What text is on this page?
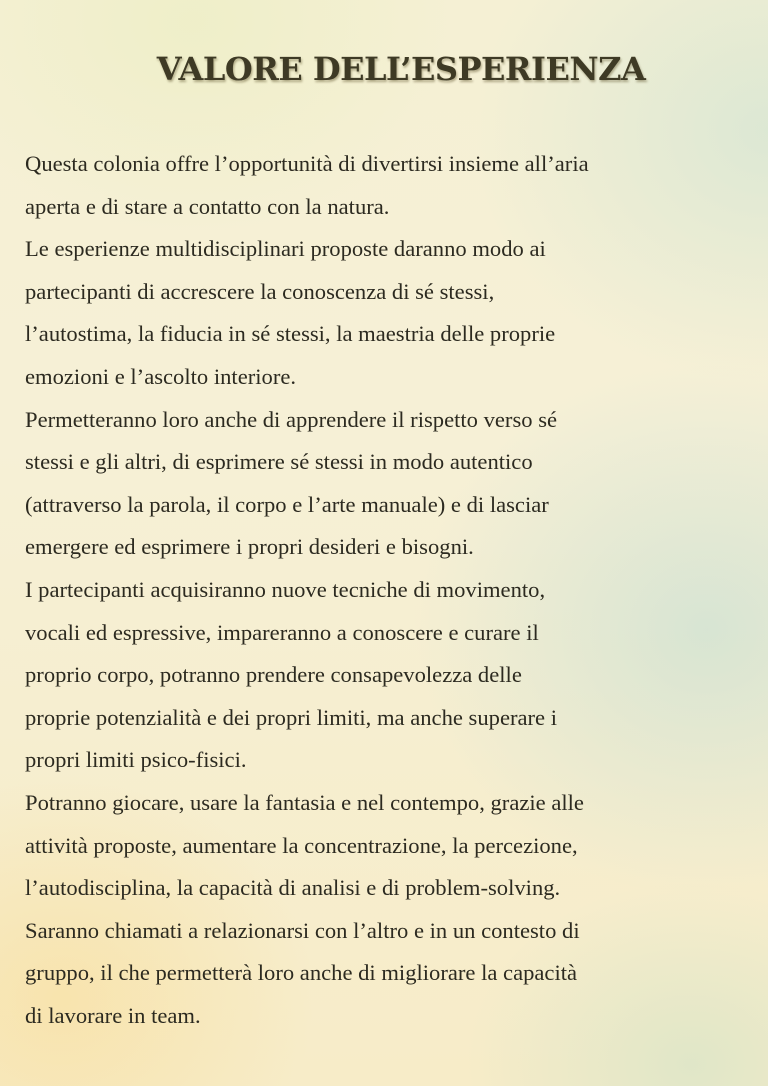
VALORE DELL’ESPERIENZA
Questa colonia offre l’opportunità di divertirsi insieme all’aria
aperta e di stare a contatto con la natura.
Le esperienze multidisciplinari proposte daranno modo ai
partecipanti di accrescere la conoscenza di sé stessi,
l’autostima, la fiducia in sé stessi, la maestria delle proprie
emozioni e l’ascolto interiore.
Permetteranno loro anche di apprendere il rispetto verso sé
stessi e gli altri, di esprimere sé stessi in modo autentico
(attraverso la parola, il corpo e l’arte manuale) e di lasciar
emergere ed esprimere i propri desideri e bisogni.
I partecipanti acquisiranno nuove tecniche di movimento,
vocali ed espressive, impareranno a conoscere e curare il
proprio corpo, potranno prendere consapevolezza delle
proprie potenzialità e dei propri limiti, ma anche superare i
propri limiti psico-fisici.
Potranno giocare, usare la fantasia e nel contempo, grazie alle
attività proposte, aumentare la concentrazione, la percezione,
l’autodisciplina, la capacità di analisi e di problem-solving.
Saranno chiamati a relazionarsi con l’altro e in un contesto di
gruppo, il che permetterà loro anche di migliorare la capacità
di lavorare in team.
